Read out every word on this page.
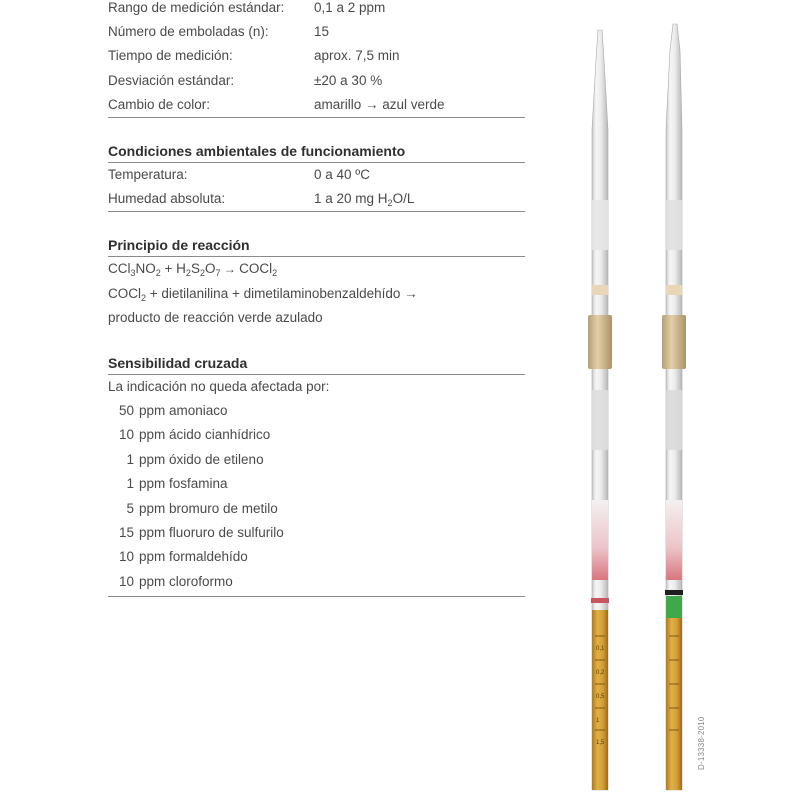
Rango de medición estándar: 0,1 a 2 ppm
Número de emboladas (n):	15
Tiempo de medición:	aprox. 7,5 min
Desviación estándar:	±20 a 30 %
Cambio de color:	amarillo → azul verde
Condiciones ambientales de funcionamiento
Temperatura:	0 a 40 ºC
Humedad absoluta:	1 a 20 mg $H_2O/L$
Principio de reacción
$CCl_3NO_2 + H_2S_2O_7$ → COCl$_2$
COCl$_2$ + dietilanilina + dimetilaminobenzaldehído →
producto de reacción verde azulado
Sensibilidad cruzada
La indicación no queda afectada por:
50 ppm amoniaco
10 ppm ácido cianhídrico
1 ppm óxido de etileno
1 ppm fosfamina
5 ppm bromuro de metilo
15 ppm fluoruro de sulfurilo
10 ppm formaldehído
10 ppm cloroformo
0,1
0,2
0,5
1
1,5	D-13338-2010
